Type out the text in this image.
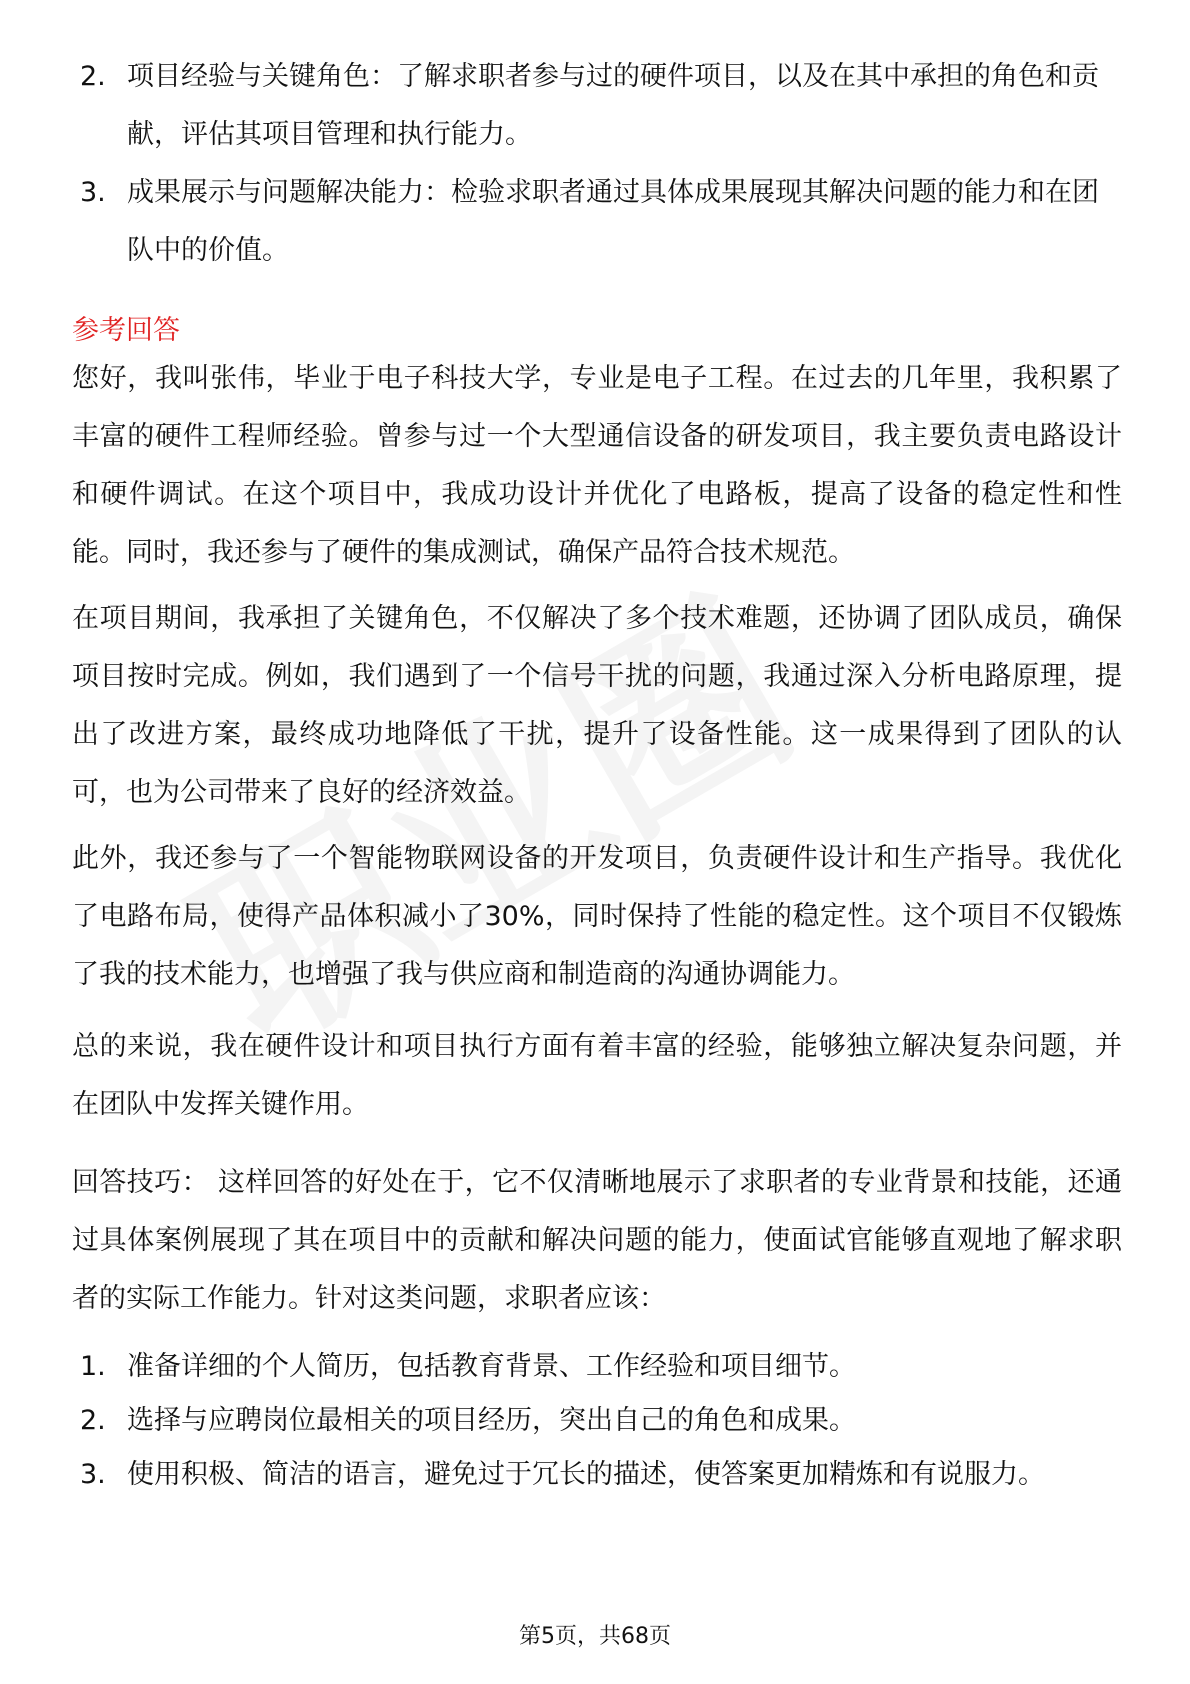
2. 项目经验与关键角色：了解求职者参与过的硬件项目，以及在其中承担的角色和贡献，评估其项目管理和执行能力。
3. 成果展示与问题解决能力：检验求职者通过具体成果展现其解决问题的能力和在团队中的价值。
参考回答

您好，我叫张伟，毕业于电子科技大学，专业是电子工程。在过去的几年里，我积累了丰富的硬件工程师经验。曾参与过一个大型通信设备的研发项目，我主要负责电路设计和硬件调试。在这个项目中，我成功设计并优化了电路板，提高了设备的稳定性和性能。同时，我还参与了硬件的集成测试，确保产品符合技术规范。

在项目期间，我承担了关键角色，不仅解决了多个技术难题，还协调了团队成员，确保项目按时完成。例如，我们遇到了一个信号干扰的问题，我通过深入分析电路原理，提出了改进方案，最终成功地降低了干扰，提升了设备性能。这一成果得到了团队的认可，也为公司带来了良好的经济效益。

此外，我还参与了一个智能物联网设备的开发项目，负责硬件设计和生产指导。我优化了电路布局，使得产品体积减小了30%，同时保持了性能的稳定性。这个项目不仅锻炼了我的技术能力，也增强了我与供应商和制造商的沟通协调能力。

总的来说，我在硬件设计和项目执行方面有着丰富的经验，能够独立解决复杂问题，并在团队中发挥关键作用。

回答技巧： 这样回答的好处在于，它不仅清晰地展示了求职者的专业背景和技能，还通过具体案例展现了其在项目中的贡献和解决问题的能力，使面试官能够直观地了解求职者的实际工作能力。针对这类问题，求职者应该：

1. 准备详细的个人简历，包括教育背景、工作经验和项目细节。
2. 选择与应聘岗位最相关的项目经历，突出自己的角色和成果。
3. 使用积极、简洁的语言，避免过于冗长的描述，使答案更加精炼和有说服力。
第5页，共68页
